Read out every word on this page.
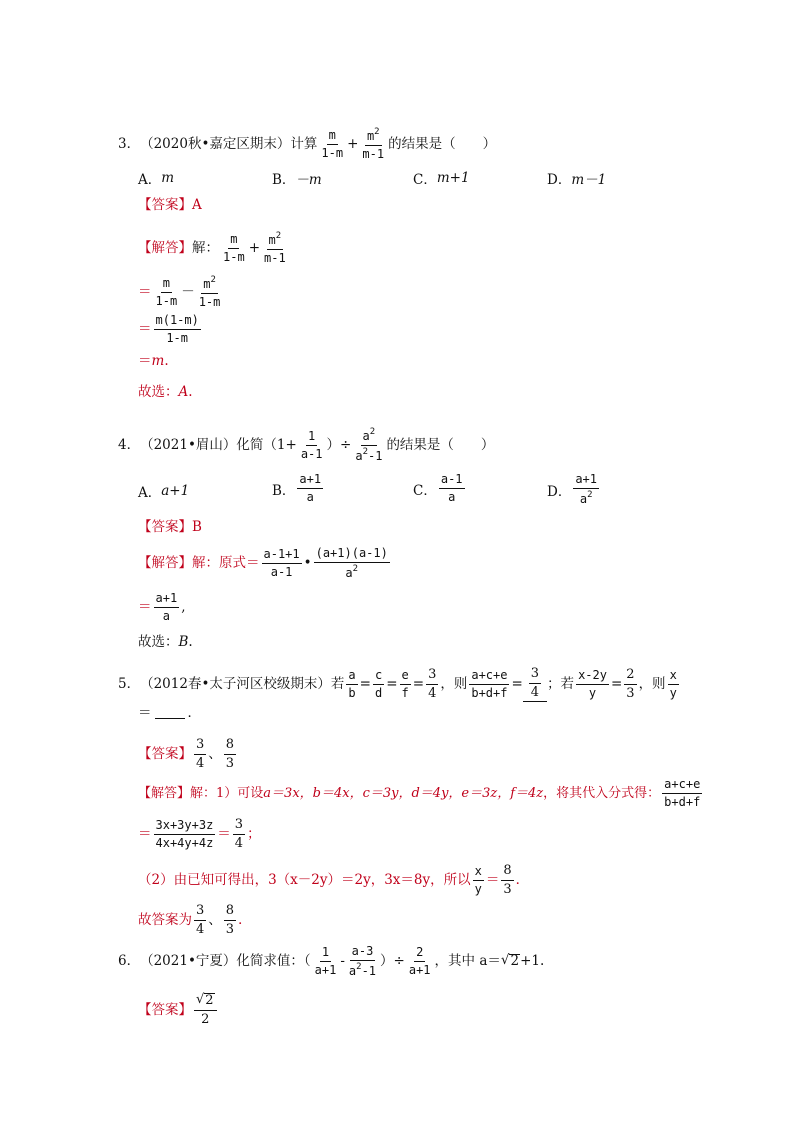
3． （2020秋•嘉定区期末）计算 $\frac{m}{1-m} + \frac{m^2}{m-1}$ 的结果是（　　）
A． m	B． －m	C． m+1	D． m－1
【答案】 A
【解答】 解： $\frac{m}{1-m} + \frac{m^2}{m-1}$
＝ $\frac{m}{1-m} - \frac{m^2}{1-m}$
＝ $\frac{m(1-m)}{1-m}$
＝ m .
故选： A .
4． （2021•眉山）化简（$1+ \frac{1}{a-1}$ ）÷ $\frac{a^2}{a^2-1}$ 的结果是（　　）
A． a+1	B． $\frac{a+1}{a}$	C． $\frac{a-1}{a}$	D． $\frac{a+1}{a^2}$
【答案】 B
【解答】 解：原式＝ $\frac{a-1+1}{a-1}$ • $\frac{(a+1)(a-1)}{a^2}$
＝ $\frac{a+1}{a}$ ,
故选： B .
5． （2012春•太子河区校级期末）若 $\frac{a}{b} = \frac{c}{d} = \frac{e}{f} = \frac{3}{4}$ ，则 $\frac{a+c+e}{b+d+f} = \frac{3}{4}$ ；若 $\frac{x-2y}{y} = \frac{2}{3}$ ，则 $\frac{x}{y}$
＝	．
【答案】 $\frac{3}{4}$ 、 $\frac{8}{3}$
【解答】 解：1）可设 a＝3x，b＝4x，c＝3y，d＝4y，e＝3z，f＝4z ，将其代入分式得： $\frac{a+c+e}{b+d+f}$
＝ $\frac{3x+3y+3z}{4x+4y+4z} = \frac{3}{4}$ ；
（2）由已知可得出，3（x－2y）＝2y，3x＝8y，所以 $\frac{x}{y} = \frac{8}{3}$ ．
故答案为 $\frac{3}{4}$ 、 $\frac{8}{3}$ ．
6． （2021•宁夏）化简求值：（ $\frac{1}{a+1} - \frac{a-3}{a^2-1}$ ）÷ $\frac{2}{a+1}$ ，其中 a＝ √ 2 +1.
【答案】 $\frac{√ 2}{2}$
